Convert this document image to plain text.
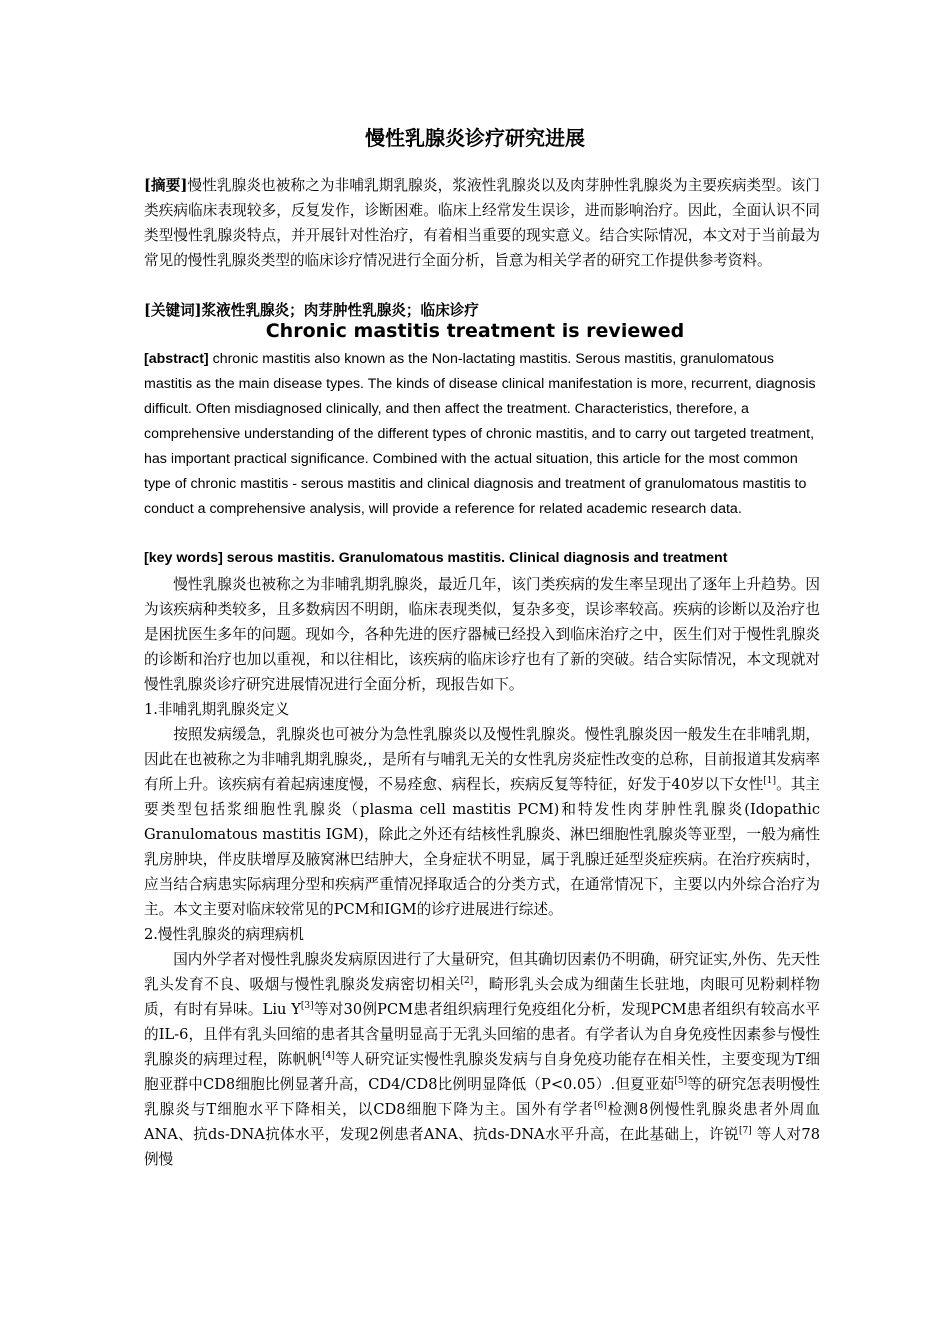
慢性乳腺炎诊疗研究进展

[摘要]慢性乳腺炎也被称之为非哺乳期乳腺炎，浆液性乳腺炎以及肉芽肿性乳腺炎为主要疾病类型。该门类疾病临床表现较多，反复发作，诊断困难。临床上经常发生误诊，进而影响治疗。因此，全面认识不同类型慢性乳腺炎特点，并开展针对性治疗，有着相当重要的现实意义。结合实际情况，本文对于当前最为常见的慢性乳腺炎类型的临床诊疗情况进行全面分析，旨意为相关学者的研究工作提供参考资料。

[关键词]浆液性乳腺炎；肉芽肿性乳腺炎；临床诊疗

Chronic mastitis treatment is reviewed

[abstract] chronic mastitis also known as the Non-lactating mastitis. Serous mastitis, granulomatous mastitis as the main disease types. The kinds of disease clinical manifestation is more, recurrent, diagnosis difficult. Often misdiagnosed clinically, and then affect the treatment. Characteristics, therefore, a comprehensive understanding of the different types of chronic mastitis, and to carry out targeted treatment, has important practical significance. Combined with the actual situation, this article for the most common type of chronic mastitis - serous mastitis and clinical diagnosis and treatment of granulomatous mastitis to conduct a comprehensive analysis, will provide a reference for related academic research data.

[key words] serous mastitis. Granulomatous mastitis. Clinical diagnosis and treatment

慢性乳腺炎也被称之为非哺乳期乳腺炎，最近几年，该门类疾病的发生率呈现出了逐年上升趋势。因为该疾病种类较多，且多数病因不明朗，临床表现类似，复杂多变，误诊率较高。疾病的诊断以及治疗也是困扰医生多年的问题。现如今，各种先进的医疗器械已经投入到临床治疗之中，医生们对于慢性乳腺炎的诊断和治疗也加以重视，和以往相比，该疾病的临床诊疗也有了新的突破。结合实际情况，本文现就对慢性乳腺炎诊疗研究进展情况进行全面分析，现报告如下。

1.非哺乳期乳腺炎定义

按照发病缓急，乳腺炎也可被分为急性乳腺炎以及慢性乳腺炎。慢性乳腺炎因一般发生在非哺乳期，因此在也被称之为非哺乳期乳腺炎,，是所有与哺乳无关的女性乳房炎症性改变的总称，目前报道其发病率有所上升。该疾病有着起病速度慢，不易痊愈、病程长，疾病反复等特征，好发于40岁以下女性[1]。其主要类型包括浆细胞性乳腺炎（plasma cell mastitis PCM)和特发性肉芽肿性乳腺炎(Idopathic Granulomatous mastitis IGM)，除此之外还有结核性乳腺炎、淋巴细胞性乳腺炎等亚型，一般为痛性乳房肿块，伴皮肤增厚及腋窝淋巴结肿大，全身症状不明显，属于乳腺迁延型炎症疾病。在治疗疾病时，应当结合病患实际病理分型和疾病严重情况择取适合的分类方式，在通常情况下，主要以内外综合治疗为主。本文主要对临床较常见的PCM和IGM的诊疗进展进行综述。

2.慢性乳腺炎的病理病机

国内外学者对慢性乳腺炎发病原因进行了大量研究，但其确切因素仍不明确，研究证实,外伤、先天性乳头发育不良、吸烟与慢性乳腺炎发病密切相关[2]，畸形乳头会成为细菌生长驻地，肉眼可见粉刺样物质，有时有异味。Liu Y[3]等对30例PCM患者组织病理行免疫组化分析，发现PCM患者组织有较高水平的IL-6，且伴有乳头回缩的患者其含量明显高于无乳头回缩的患者。有学者认为自身免疫性因素参与慢性乳腺炎的病理过程，陈帆帆[4]等人研究证实慢性乳腺炎发病与自身免疫功能存在相关性，主要变现为T细胞亚群中CD8细胞比例显著升高，CD4/CD8比例明显降低（P<0.05）.但夏亚茹[5]等的研究怎表明慢性乳腺炎与T细胞水平下降相关，以CD8细胞下降为主。国外有学者[6]检测8例慢性乳腺炎患者外周血ANA、抗ds-DNA抗体水平，发现2例患者ANA、抗ds-DNA水平升高，在此基础上，许锐[7] 等人对78例慢
